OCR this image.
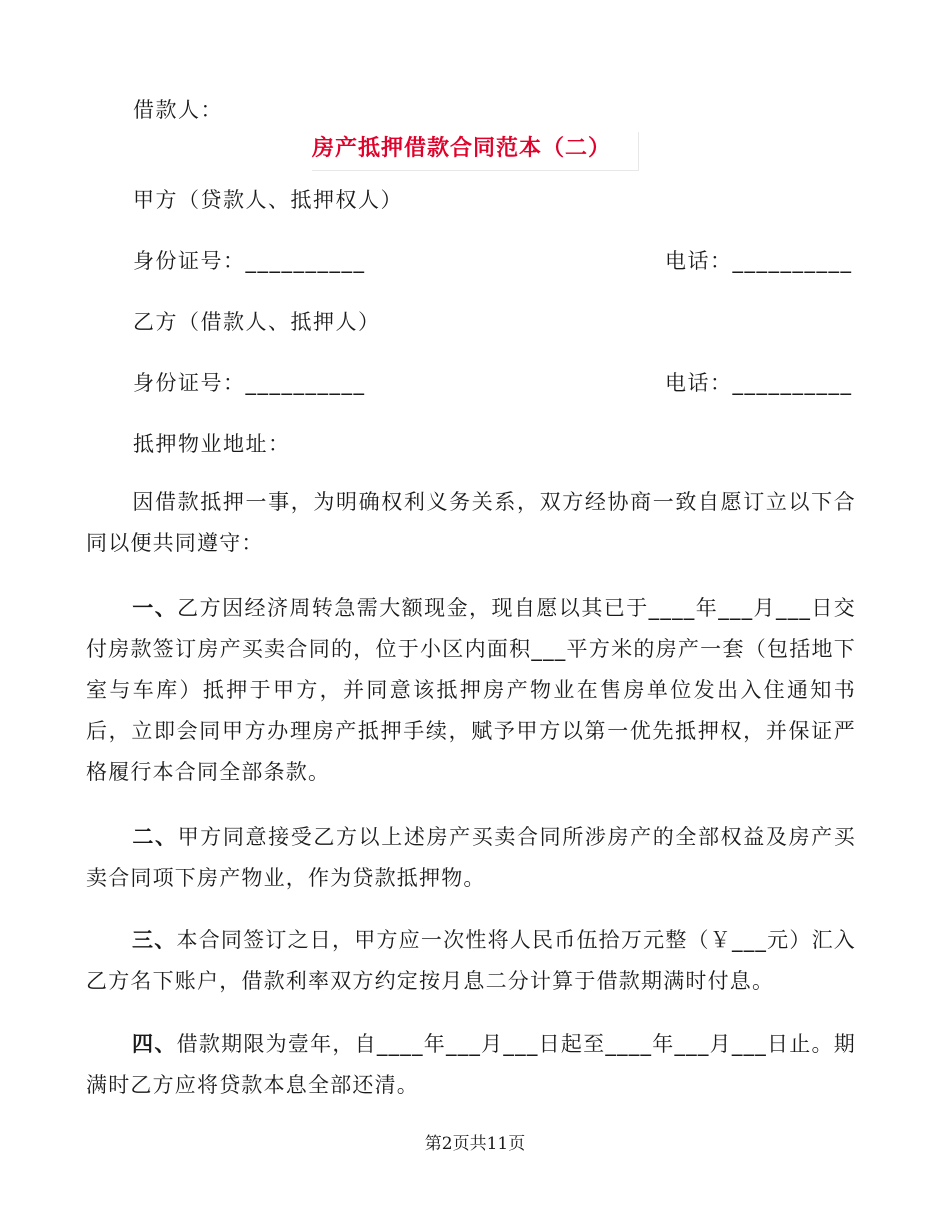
借款人：
房产抵押借款合同范本（二）
甲方（贷款人、抵押权人）
身份证号：__________	电话：__________
乙方（借款人、抵押人）
身份证号：__________	电话：__________
抵押物业地址：
因借款抵押一事，为明确权利义务关系，双方经协商一致自愿订立以下合同以便共同遵守：
一、乙方因经济周转急需大额现金，现自愿以其已于____年___月___日交付房款签订房产买卖合同的，位于小区内面积___平方米的房产一套（包括地下室与车库）抵押于甲方，并同意该抵押房产物业在售房单位发出入住通知书后，立即会同甲方办理房产抵押手续，赋予甲方以第一优先抵押权，并保证严格履行本合同全部条款。
二、甲方同意接受乙方以上述房产买卖合同所涉房产的全部权益及房产买卖合同项下房产物业，作为贷款抵押物。
三、本合同签订之日，甲方应一次性将人民币伍拾万元整（￥___元）汇入乙方名下账户，借款利率双方约定按月息二分计算于借款期满时付息。
四、借款期限为壹年，自____年___月___日起至____年___月___日止。期满时乙方应将贷款本息全部还清。
第2页共11页
